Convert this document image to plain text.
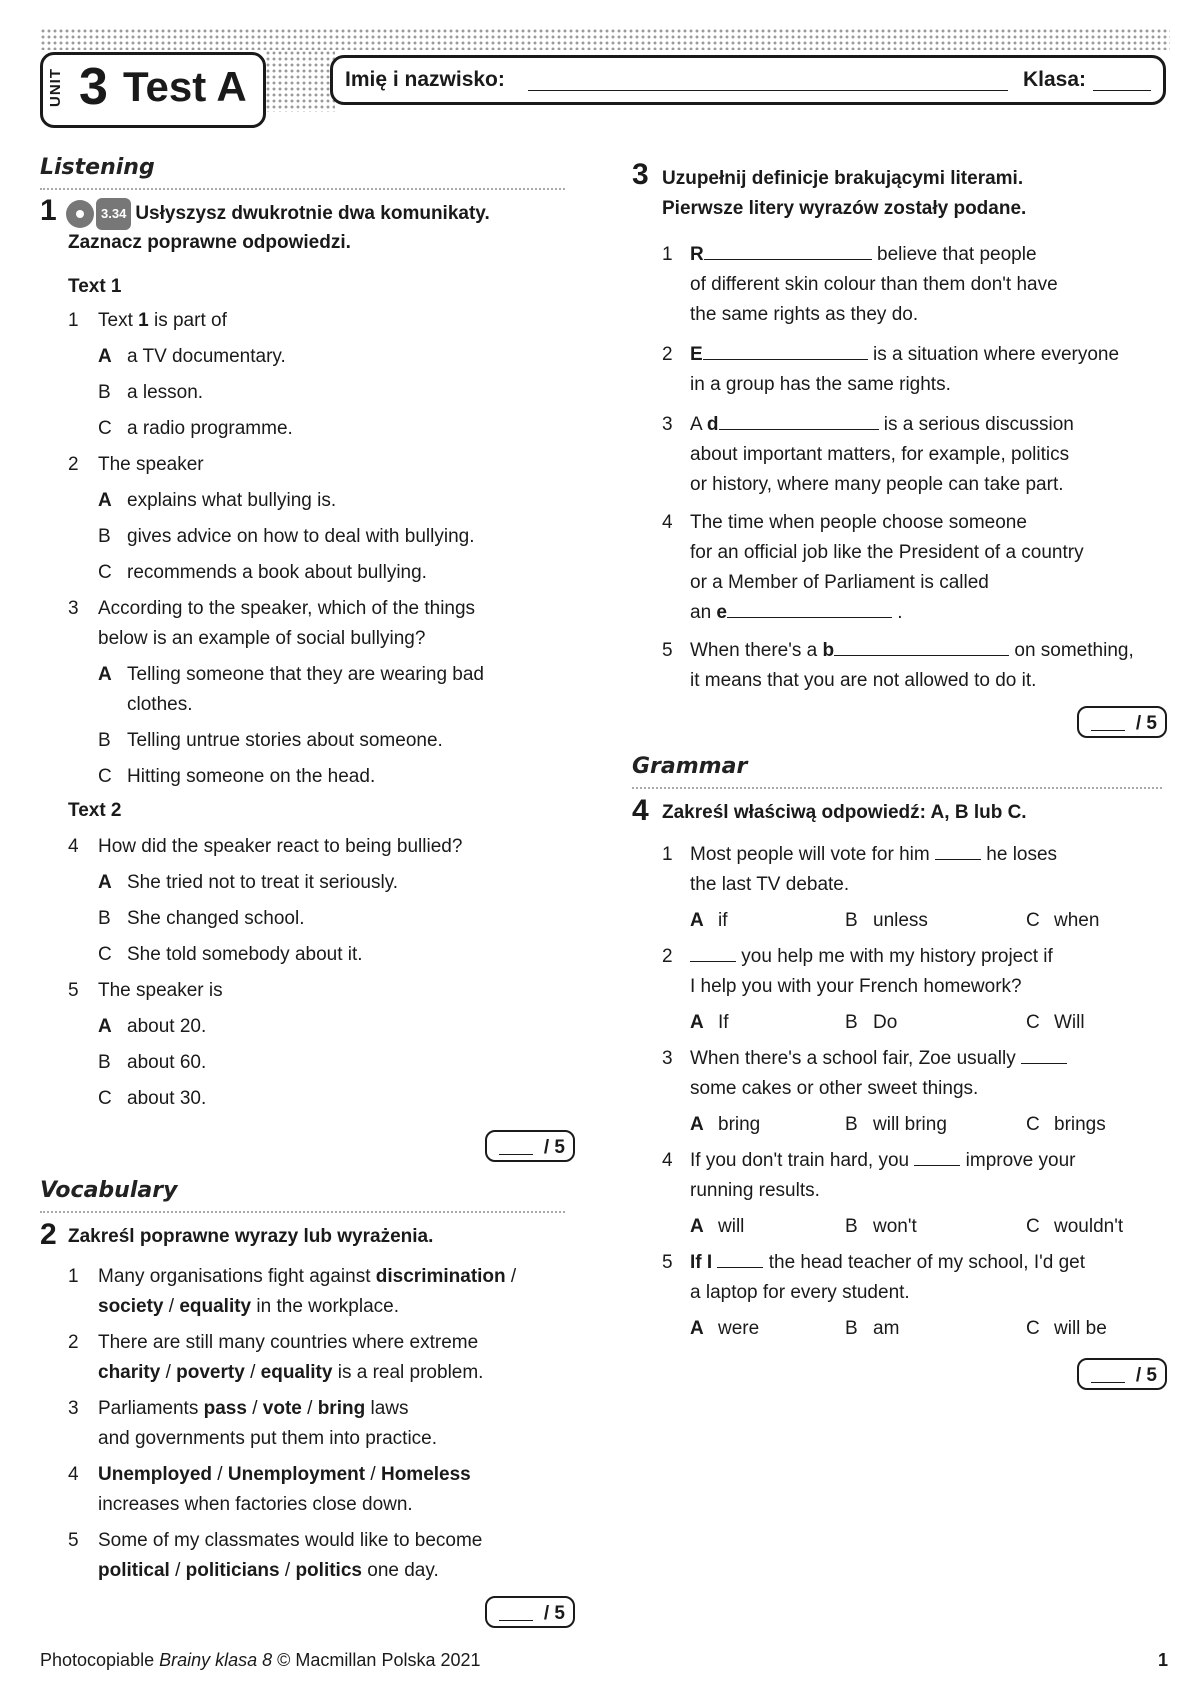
UNIT 3 Test A	Imię i nazwisko:	Klasa:
Listening
1	3.34 Usłyszysz dwukrotnie dwa komunikaty.
Zaznacz poprawne odpowiedzi.
Text 1
1 Text 1 is part of
A a TV documentary.
B a lesson.
C a radio programme.
2 The speaker
A explains what bullying is.
B gives advice on how to deal with bullying.
C recommends a book about bullying.
3 According to the speaker, which of the things
below is an example of social bullying?
A Telling someone that they are wearing bad
clothes.
B Telling untrue stories about someone.
C Hitting someone on the head.
Text 2
4 How did the speaker react to being bullied?
A She tried not to treat it seriously.
B She changed school.
C She told somebody about it.
5 The speaker is
A about 20.
B about 60.
C about 30.
/ 5
Vocabulary
2 Zakreśl poprawne wyrazy lub wyrażenia.
1 Many organisations fight against discrimination /
society / equality in the workplace.
2 There are still many countries where extreme
charity / poverty / equality is a real problem.
3 Parliaments pass / vote / bring laws
and governments put them into practice.
4 Unemployed / Unemployment / Homeless
increases when factories close down.
5 Some of my classmates would like to become
political / politicians / politics one day.
/ 5
3 Uzupełnij definicje brakującymi literami.
Pierwsze litery wyrazów zostały podane.
1 R	believe that people
of different skin colour than them don't have
the same rights as they do.
2 E	is a situation where everyone
in a group has the same rights.
3 A d	is a serious discussion
about important matters, for example, politics
or history, where many people can take part.
4 The time when people choose someone
for an official job like the President of a country
or a Member of Parliament is called
an e	.
5 When there's a b	on something,
it means that you are not allowed to do it.
/ 5
Grammar
4 Zakreśl właściwą odpowiedź: A, B lub C.
1 Most people will vote for him  he loses
the last TV debate.
A if	B unless	C when
2	you help me with my history project if
I help you with your French homework?
A If	B Do	C Will
3 When there's a school fair, Zoe usually
some cakes or other sweet things.
A bring	B will bring	C brings
4 If you don't train hard, you  improve your
running results.
A will	B won't	C wouldn't
5 If I  the head teacher of my school, I'd get
a laptop for every student.
A were	B am	C will be
/ 5
Photocopiable Brainy klasa 8 © Macmillan Polska 2021	1
